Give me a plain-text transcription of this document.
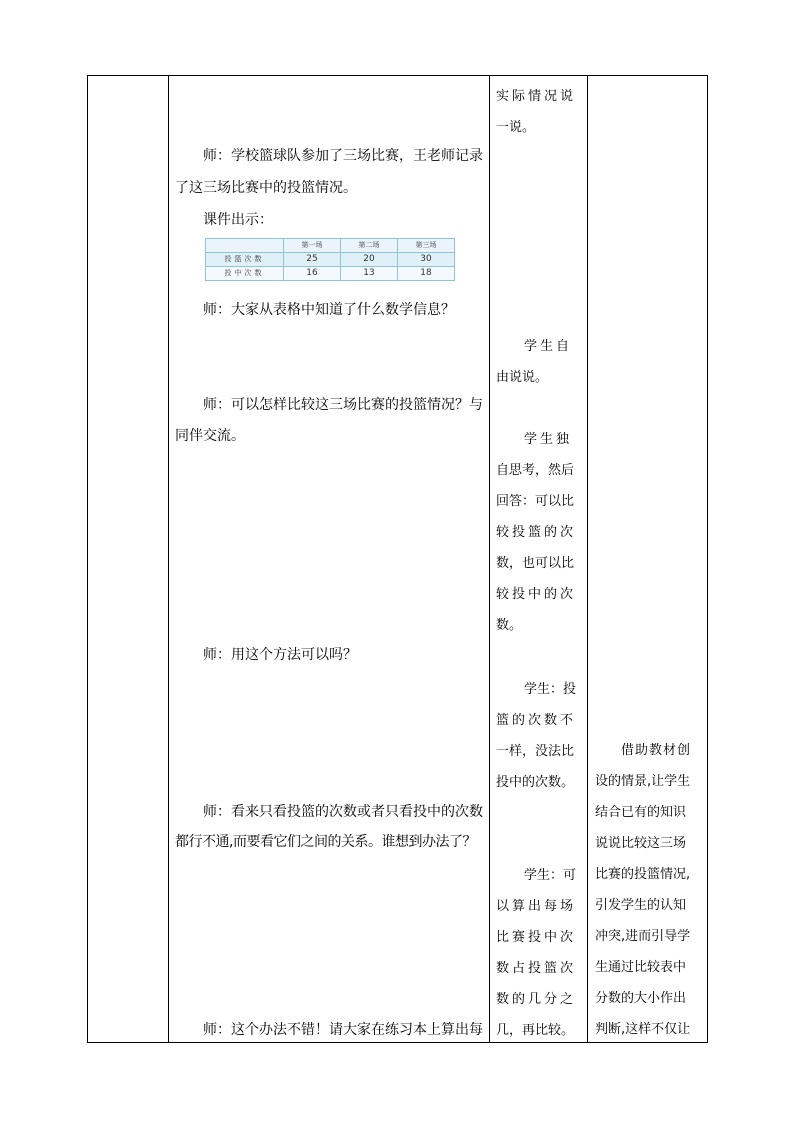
师：学校篮球队参加了三场比赛，王老师记录
了这三场比赛中的投篮情况。
课件出示：
	第一场	第二场	第三场
投篮次数	25	20	30
投中次数	16	13	18
师：大家从表格中知道了什么数学信息？
师：可以怎样比较这三场比赛的投篮情况？与
同伴交流。
师：用这个方法可以吗？
师：看来只看投篮的次数或者只看投中的次数
都行不通,而要看它们之间的关系。谁想到办法了？
师：这个办法不错！请大家在练习本上算出每
实际情况说
一说。
学生自
由说说。
学生独
自思考，然后
回答：可以比
较投篮的次
数，也可以比
较投中的次
数。
学生：投
篮的次数不
一样，没法比
投中的次数。
学生：可
以算出每场
比赛投中次
数占投篮次
数的几分之
几，再比较。
借助教材创
设的情景,让学生
结合已有的知识
说说比较这三场
比赛的投篮情况,
引发学生的认知
冲突,进而引导学
生通过比较表中
分数的大小作出
判断,这样不仅让
